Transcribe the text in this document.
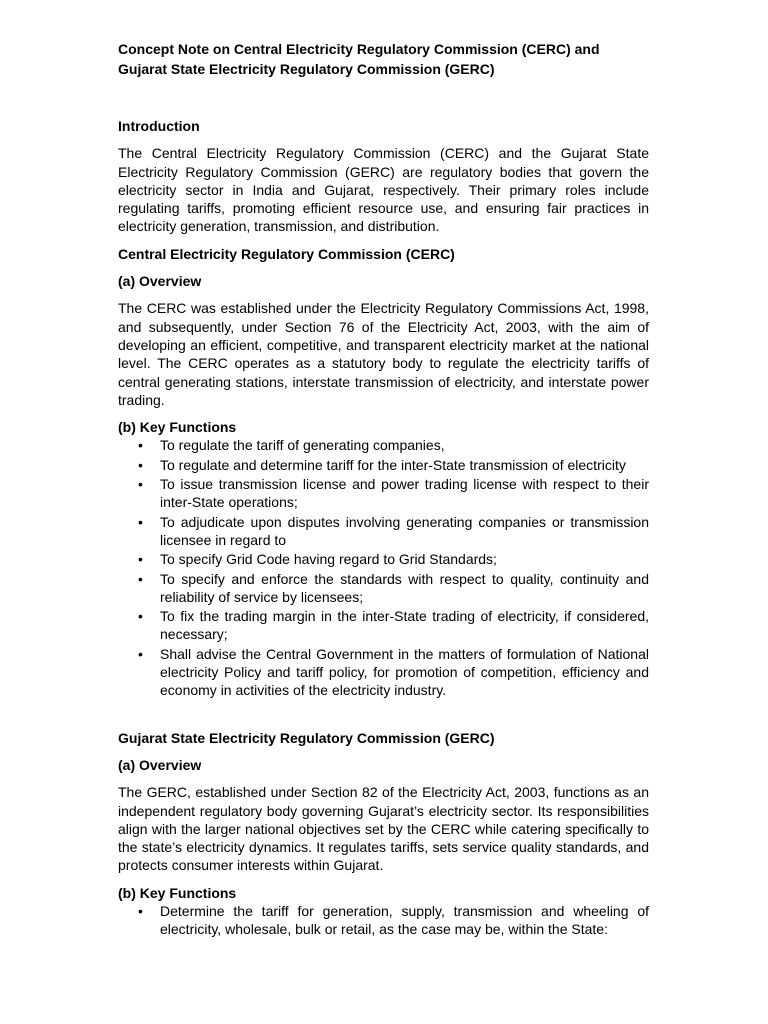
Concept Note on Central Electricity Regulatory Commission (CERC) and Gujarat State Electricity Regulatory Commission (GERC)

Introduction

The Central Electricity Regulatory Commission (CERC) and the Gujarat State Electricity Regulatory Commission (GERC) are regulatory bodies that govern the electricity sector in India and Gujarat, respectively. Their primary roles include regulating tariffs, promoting efficient resource use, and ensuring fair practices in electricity generation, transmission, and distribution.

Central Electricity Regulatory Commission (CERC)

(a) Overview

The CERC was established under the Electricity Regulatory Commissions Act, 1998, and subsequently, under Section 76 of the Electricity Act, 2003, with the aim of developing an efficient, competitive, and transparent electricity market at the national level. The CERC operates as a statutory body to regulate the electricity tariffs of central generating stations, interstate transmission of electricity, and interstate power trading.

(b) Key Functions

• To regulate the tariff of generating companies,
• To regulate and determine tariff for the inter-State transmission of electricity
• To issue transmission license and power trading license with respect to their inter-State operations;
• To adjudicate upon disputes involving generating companies or transmission licensee in regard to
• To specify Grid Code having regard to Grid Standards;
• To specify and enforce the standards with respect to quality, continuity and reliability of service by licensees;
• To fix the trading margin in the inter-State trading of electricity, if considered, necessary;
• Shall advise the Central Government in the matters of formulation of National electricity Policy and tariff policy, for promotion of competition, efficiency and economy in activities of the electricity industry.

Gujarat State Electricity Regulatory Commission (GERC)

(a) Overview

The GERC, established under Section 82 of the Electricity Act, 2003, functions as an independent regulatory body governing Gujarat’s electricity sector. Its responsibilities align with the larger national objectives set by the CERC while catering specifically to the state’s electricity dynamics. It regulates tariffs, sets service quality standards, and protects consumer interests within Gujarat.

(b) Key Functions

• Determine the tariff for generation, supply, transmission and wheeling of electricity, wholesale, bulk or retail, as the case may be, within the State:
